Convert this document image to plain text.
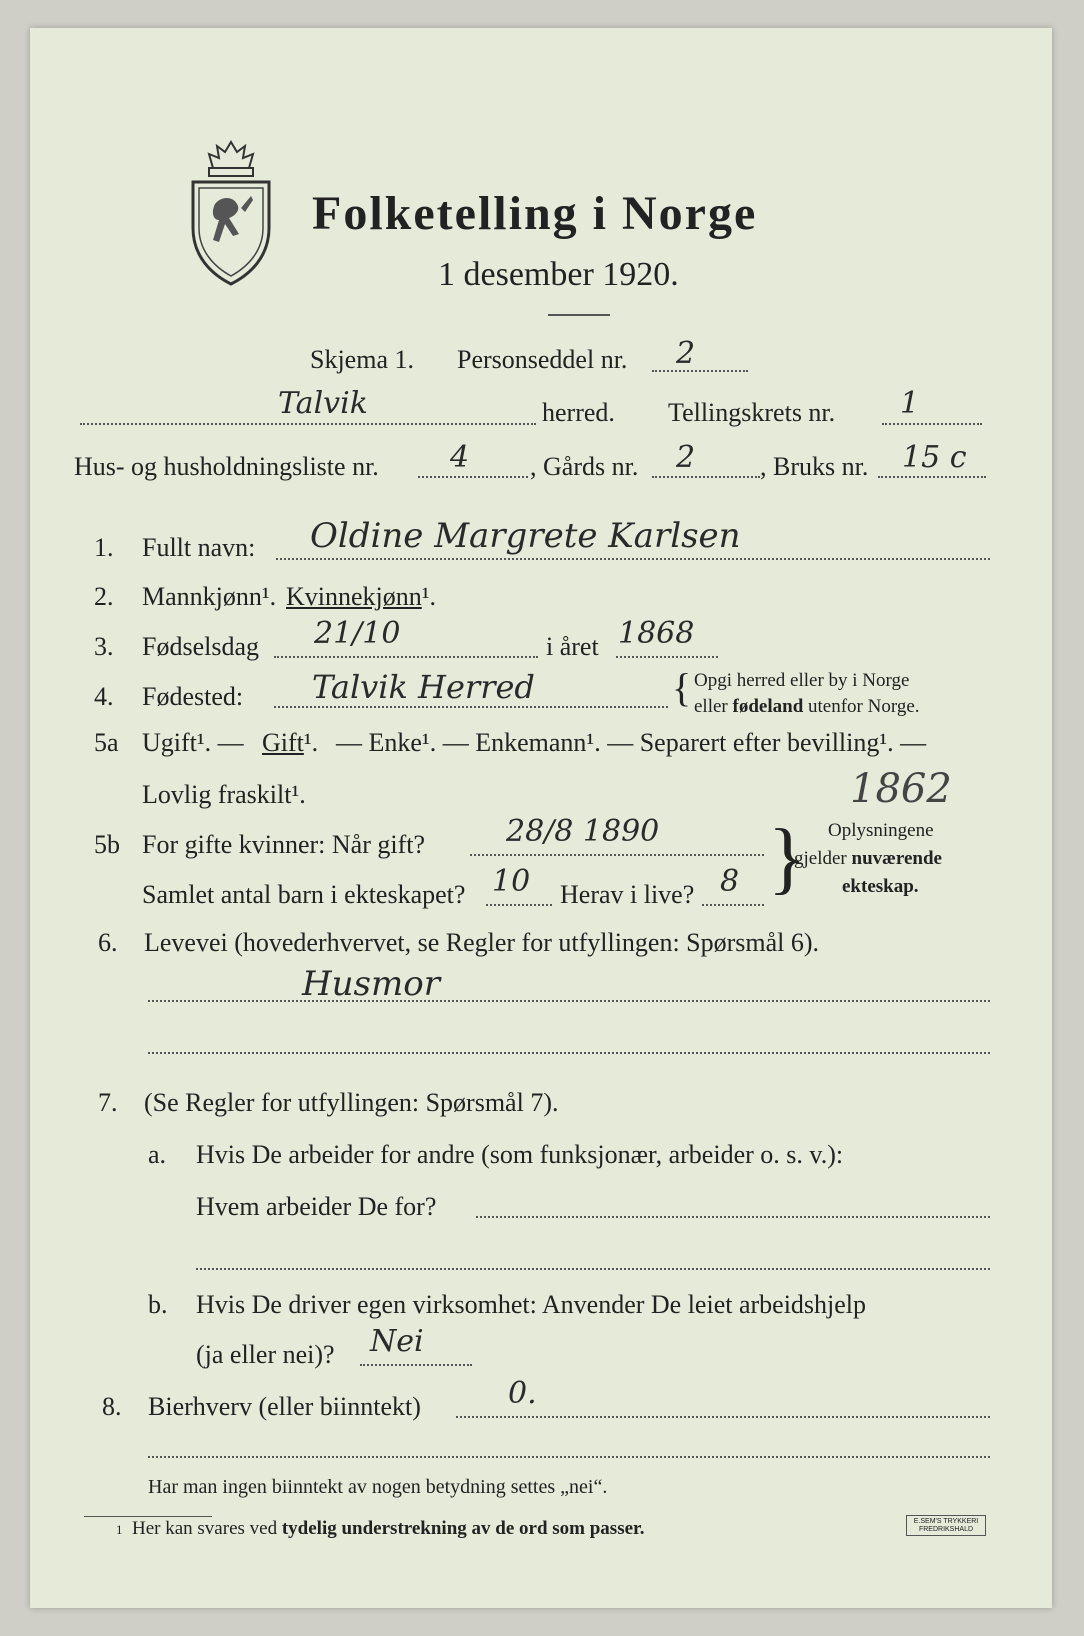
Folketelling i Norge
1 desember 1920.
Skjema 1. Personseddel nr. 2
Talvik	herred. Tellingskrets nr. 1
Hus- og husholdningsliste nr. 4 , Gårds nr. 2 , Bruks nr. 15 c
1. Fullt navn: Oldine Margrete Karlsen
2. Mannkjønn¹. Kvinnekjønn¹.
3. Fødselsdag 21/10	i året 1868
4. Fødested: Talvik Herred	{ Opgi herred eller by i Norge
eller fødeland utenfor Norge.
5a Ugift¹. — Gift¹. — Enke¹. — Enkemann¹. — Separert efter bevilling¹. —
Lovlig fraskilt¹.	1862
5b For gifte kvinner: Når gift?	28/8 1890
Samlet antal barn i ekteskapet? 10 Herav i live? 8 } Oplysningene
gjelder nuværende
ekteskap.
6. Levevei (hovederhvervet, se Regler for utfyllingen: Spørsmål 6).
Husmor
7. (Se Regler for utfyllingen: Spørsmål 7).
a. Hvis De arbeider for andre (som funksjonær, arbeider o. s. v.):
Hvem arbeider De for?
b. Hvis De driver egen virksomhet: Anvender De leiet arbeidshjelp
(ja eller nei)? Nei
8. Bierhverv (eller biinntekt)	0.
Har man ingen biinntekt av nogen betydning settes „nei“.
1 Her kan svares ved tydelig understrekning av de ord som passer.	E.SEM'S TRYKKERI
FREDRIKSHALD
